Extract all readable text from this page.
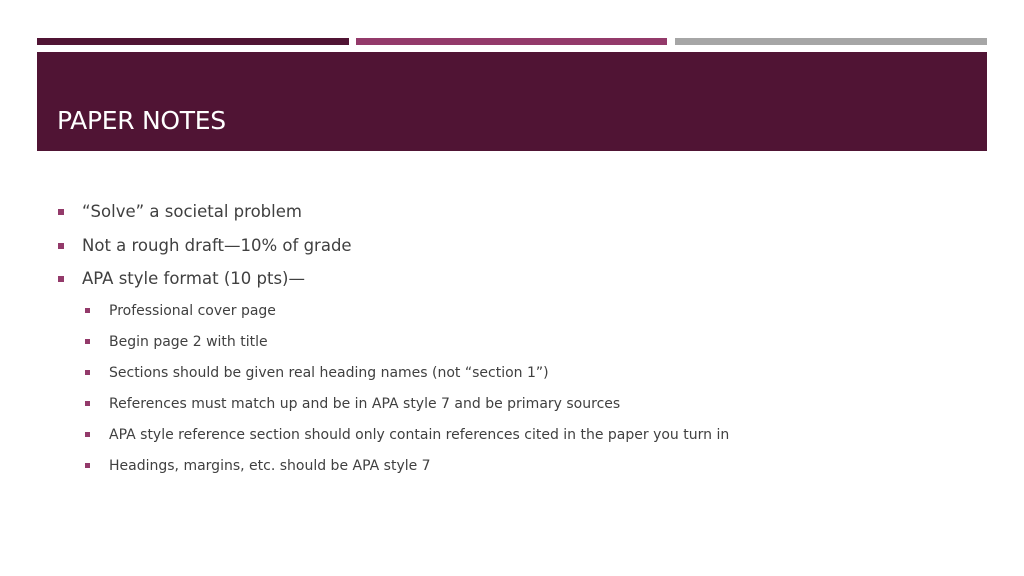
PAPER NOTES
“Solve” a societal problem
Not a rough draft—10% of grade
APA style format (10 pts)—
Professional cover page
Begin page 2 with title
Sections should be given real heading names (not “section 1”)
References must match up and be in APA style 7 and be primary sources
APA style reference section should only contain references cited in the paper you turn in
Headings, margins, etc. should be APA style 7
